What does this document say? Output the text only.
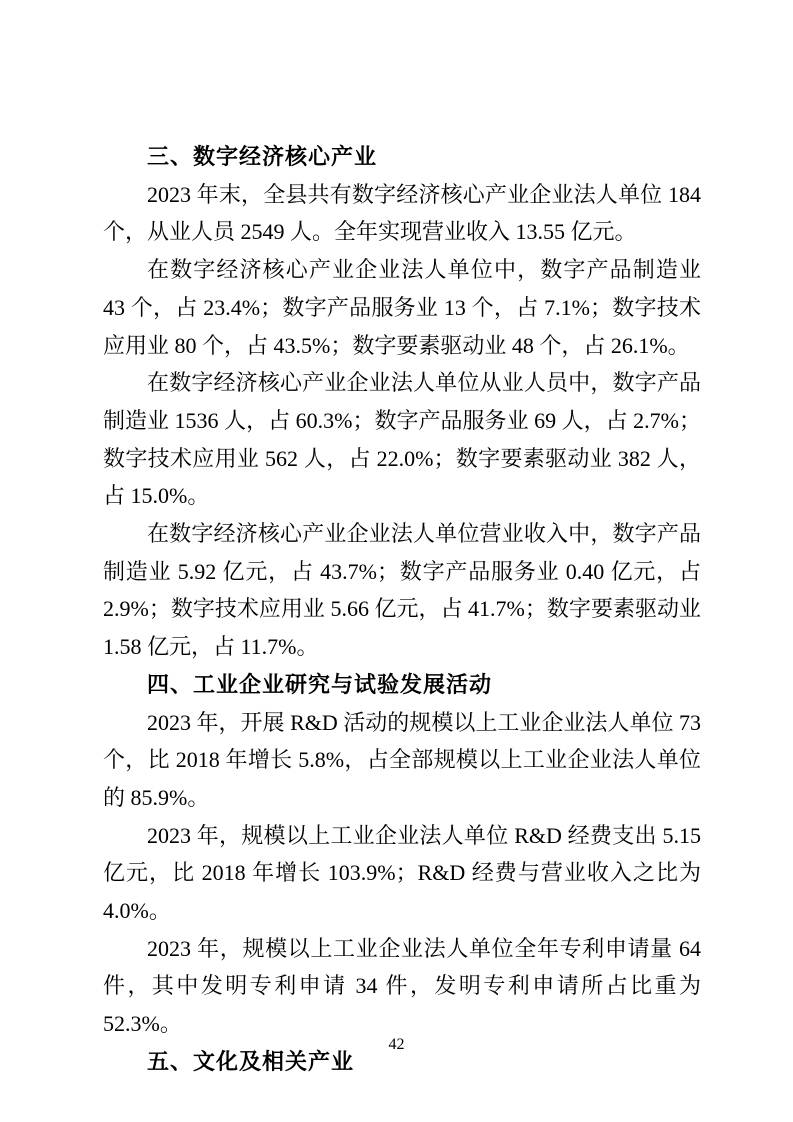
三、数字经济核心产业

2023 年末，全县共有数字经济核心产业企业法人单位 184 个，从业人员 2549 人。全年实现营业收入 13.55 亿元。

在数字经济核心产业企业法人单位中，数字产品制造业 43 个，占 23.4%；数字产品服务业 13 个，占 7.1%；数字技术应用业 80 个，占 43.5%；数字要素驱动业 48 个，占 26.1%。

在数字经济核心产业企业法人单位从业人员中，数字产品制造业 1536 人，占 60.3%；数字产品服务业 69 人，占 2.7%；数字技术应用业 562 人，占 22.0%；数字要素驱动业 382 人，占 15.0%。

在数字经济核心产业企业法人单位营业收入中，数字产品制造业 5.92 亿元，占 43.7%；数字产品服务业 0.40 亿元，占 2.9%；数字技术应用业 5.66 亿元，占 41.7%；数字要素驱动业 1.58 亿元，占 11.7%。

四、工业企业研究与试验发展活动

2023 年，开展 R&D 活动的规模以上工业企业法人单位 73 个，比 2018 年增长 5.8%，占全部规模以上工业企业法人单位的 85.9%。

2023 年，规模以上工业企业法人单位 R&D 经费支出 5.15 亿元，比 2018 年增长 103.9%；R&D 经费与营业收入之比为 4.0%。

2023 年，规模以上工业企业法人单位全年专利申请量 64 件，其中发明专利申请 34 件，发明专利申请所占比重为 52.3%。

五、文化及相关产业
42
